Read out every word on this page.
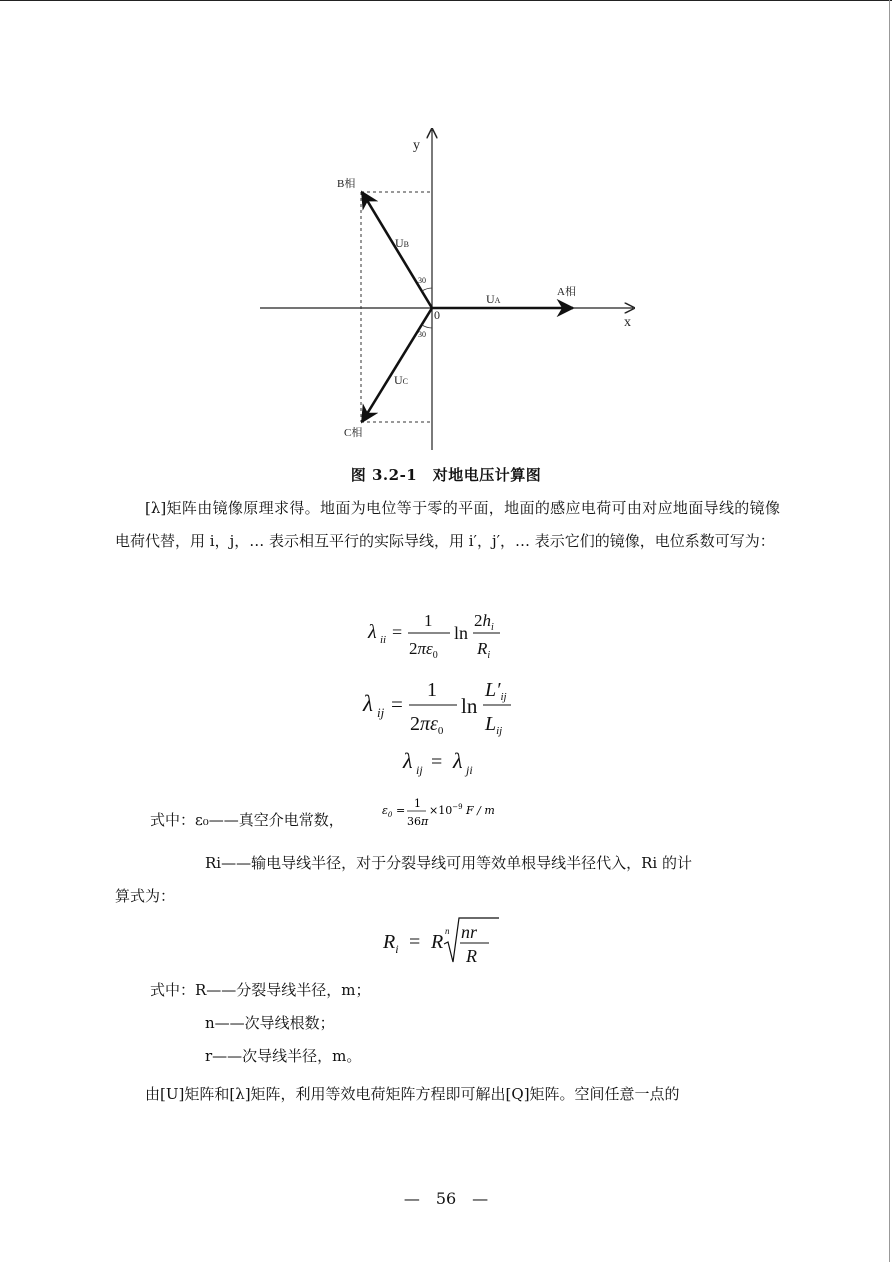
y
x
0
B相
A相
C相
UB
UA
UC
30
30
图 3.2-1　对地电压计算图
[λ]矩阵由镜像原理求得。地面为电位等于零的平面，地面的感应电荷可由对应地面导线的镜像电荷代替，用 i，j，… 表示相互平行的实际导线，用 i′，j′，… 表示它们的镜像，电位系数可写为：
λ ii =
1
$2\pi\varepsilon_0$
ln
$2h_i$
$R_i$
λ ij =
1
$2\pi\varepsilon_0$
ln
$L'_{ij}$
$L_{ij}$
λ ij = λ ji
式中：ε₀——真空介电常数，
$\varepsilon_0$ =
1
36π
$\times 10^{-9}$ F / m
Ri——输电导线半径，对于分裂导线可用等效单根导线半径代入，Ri 的计
算式为：
$R_i = R$ n nr
R
式中：R——分裂导线半径，m；
n——次导线根数；
r——次导线半径，m。
由[U]矩阵和[λ]矩阵，利用等效电荷矩阵方程即可解出[Q]矩阵。空间任意一点的
—　56　—
